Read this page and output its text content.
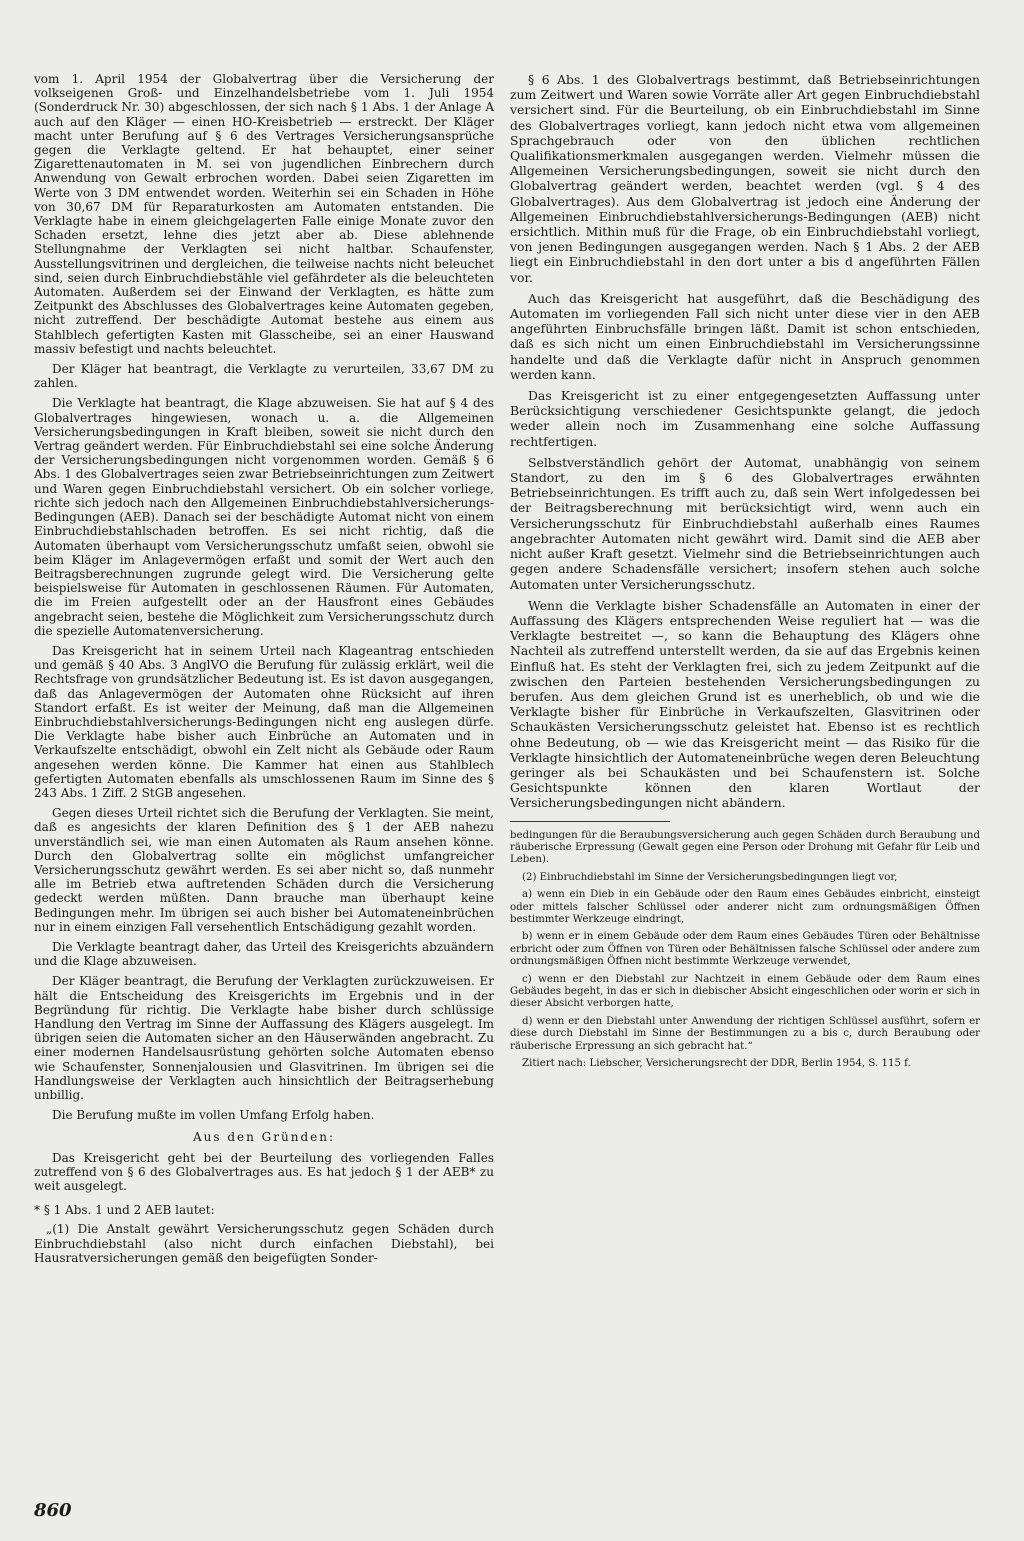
vom 1. April 1954 der Globalvertrag über die Versicherung der volkseigenen Groß- und Einzelhandelsbetriebe vom 1. Juli 1954 (Sonderdruck Nr. 30) abgeschlossen, der sich nach § 1 Abs. 1 der Anlage A auch auf den Kläger — einen HO-Kreisbetrieb — erstreckt. Der Kläger macht unter Berufung auf § 6 des Vertrages Versicherungsansprüche gegen die Verklagte geltend. Er hat behauptet, einer seiner Zigarettenautomaten in M. sei von jugendlichen Einbrechern durch Anwendung von Gewalt erbrochen worden. Dabei seien Zigaretten im Werte von 3 DM entwendet worden. Weiterhin sei ein Schaden in Höhe von 30,67 DM für Reparaturkosten am Automaten entstanden. Die Verklagte habe in einem gleichgelagerten Falle einige Monate zuvor den Schaden ersetzt, lehne dies jetzt aber ab. Diese ablehnende Stellungnahme der Verklagten sei nicht haltbar. Schaufenster, Ausstellungsvitrinen und dergleichen, die teilweise nachts nicht beleuchet sind, seien durch Einbruchdiebstähle viel gefährdeter als die beleuchteten Automaten. Außerdem sei der Einwand der Verklagten, es hätte zum Zeitpunkt des Abschlusses des Globalvertrages keine Automaten gegeben, nicht zutreffend. Der beschädigte Automat bestehe aus einem aus Stahlblech gefertigten Kasten mit Glasscheibe, sei an einer Hauswand massiv befestigt und nachts beleuchtet.

Der Kläger hat beantragt, die Verklagte zu verurteilen, 33,67 DM zu zahlen.

Die Verklagte hat beantragt, die Klage abzuweisen. Sie hat auf § 4 des Globalvertrages hingewiesen, wonach u. a. die Allgemeinen Versicherungsbedingungen in Kraft bleiben, soweit sie nicht durch den Vertrag geändert werden. Für Einbruchdiebstahl sei eine solche Änderung der Versicherungsbedingungen nicht vorgenommen worden. Gemäß § 6 Abs. 1 des Globalvertrages seien zwar Betriebseinrichtungen zum Zeitwert und Waren gegen Einbruchdiebstahl versichert. Ob ein solcher vorliege, richte sich jedoch nach den Allgemeinen Einbruchdiebstahlversicherungs-Bedingungen (AEB). Danach sei der beschädigte Automat nicht von einem Einbruchdiebstahlschaden betroffen. Es sei nicht richtig, daß die Automaten überhaupt vom Versicherungsschutz umfaßt seien, obwohl sie beim Kläger im Anlagevermögen erfaßt und somit der Wert auch den Beitragsberechnungen zugrunde gelegt wird. Die Versicherung gelte beispielsweise für Automaten in geschlossenen Räumen. Für Automaten, die im Freien aufgestellt oder an der Hausfront eines Gebäudes angebracht seien, bestehe die Möglichkeit zum Versicherungsschutz durch die spezielle Automatenversicherung.

Das Kreisgericht hat in seinem Urteil nach Klageantrag entschieden und gemäß § 40 Abs. 3 AnglVO die Berufung für zulässig erklärt, weil die Rechtsfrage von grundsätzlicher Bedeutung ist. Es ist davon ausgegangen, daß das Anlagevermögen der Automaten ohne Rücksicht auf ihren Standort erfaßt. Es ist weiter der Meinung, daß man die Allgemeinen Einbruchdiebstahlversicherungs-Bedingungen nicht eng auslegen dürfe. Die Verklagte habe bisher auch Einbrüche an Automaten und in Verkaufszelte entschädigt, obwohl ein Zelt nicht als Gebäude oder Raum angesehen werden könne. Die Kammer hat einen aus Stahlblech gefertigten Automaten ebenfalls als umschlossenen Raum im Sinne des § 243 Abs. 1 Ziff. 2 StGB angesehen.

Gegen dieses Urteil richtet sich die Berufung der Verklagten. Sie meint, daß es angesichts der klaren Definition des § 1 der AEB nahezu unverständlich sei, wie man einen Automaten als Raum ansehen könne. Durch den Globalvertrag sollte ein möglichst umfangreicher Versicherungsschutz gewährt werden. Es sei aber nicht so, daß nunmehr alle im Betrieb etwa auftretenden Schäden durch die Versicherung gedeckt werden müßten. Dann brauche man überhaupt keine Bedingungen mehr. Im übrigen sei auch bisher bei Automateneinbrüchen nur in einem einzigen Fall versehentlich Entschädigung gezahlt worden.

Die Verklagte beantragt daher, das Urteil des Kreisgerichts abzuändern und die Klage abzuweisen.

Der Kläger beantragt, die Berufung der Verklagten zurückzuweisen. Er hält die Entscheidung des Kreisgerichts im Ergebnis und in der Begründung für richtig. Die Verklagte habe bisher durch schlüssige Handlung den Vertrag im Sinne der Auffassung des Klägers ausgelegt. Im übrigen seien die Automaten sicher an den Häuserwänden angebracht. Zu einer modernen Handelsausrüstung gehörten solche Automaten ebenso wie Schaufenster, Sonnenjalousien und Glasvitrinen. Im übrigen sei die Handlungsweise der Verklagten auch hinsichtlich der Beitragserhebung unbillig.

Die Berufung mußte im vollen Umfang Erfolg haben.

Aus den Gründen:

Das Kreisgericht geht bei der Beurteilung des vorliegenden Falles zutreffend von § 6 des Globalvertrages aus. Es hat jedoch § 1 der AEB* zu weit ausgelegt.

* § 1 Abs. 1 und 2 AEB lautet:

„(1) Die Anstalt gewährt Versicherungsschutz gegen Schäden durch Einbruchdiebstahl (also nicht durch einfachen Diebstahl), bei Hausratversicherungen gemäß den beigefügten Sonder-

§ 6 Abs. 1 des Globalvertrags bestimmt, daß Betriebseinrichtungen zum Zeitwert und Waren sowie Vorräte aller Art gegen Einbruchdiebstahl versichert sind. Für die Beurteilung, ob ein Einbruchdiebstahl im Sinne des Globalvertrages vorliegt, kann jedoch nicht etwa vom allgemeinen Sprachgebrauch oder von den üblichen rechtlichen Qualifikationsmerkmalen ausgegangen werden. Vielmehr müssen die Allgemeinen Versicherungsbedingungen, soweit sie nicht durch den Globalvertrag geändert werden, beachtet werden (vgl. § 4 des Globalvertrages). Aus dem Globalvertrag ist jedoch eine Änderung der Allgemeinen Einbruchdiebstahlversicherungs-Bedingungen (AEB) nicht ersichtlich. Mithin muß für die Frage, ob ein Einbruchdiebstahl vorliegt, von jenen Bedingungen ausgegangen werden. Nach § 1 Abs. 2 der AEB liegt ein Einbruchdiebstahl in den dort unter a bis d angeführten Fällen vor.

Auch das Kreisgericht hat ausgeführt, daß die Beschädigung des Automaten im vorliegenden Fall sich nicht unter diese vier in den AEB angeführten Einbruchsfälle bringen läßt. Damit ist schon entschieden, daß es sich nicht um einen Einbruchdiebstahl im Versicherungssinne handelte und daß die Verklagte dafür nicht in Anspruch genommen werden kann.

Das Kreisgericht ist zu einer entgegengesetzten Auffassung unter Berücksichtigung verschiedener Gesichtspunkte gelangt, die jedoch weder allein noch im Zusammenhang eine solche Auffassung rechtfertigen.

Selbstverständlich gehört der Automat, unabhängig von seinem Standort, zu den im § 6 des Globalvertrages erwähnten Betriebseinrichtungen. Es trifft auch zu, daß sein Wert infolgedessen bei der Beitragsberechnung mit berücksichtigt wird, wenn auch ein Versicherungsschutz für Einbruchdiebstahl außerhalb eines Raumes angebrachter Automaten nicht gewährt wird. Damit sind die AEB aber nicht außer Kraft gesetzt. Vielmehr sind die Betriebseinrichtungen auch gegen andere Schadensfälle versichert; insofern stehen auch solche Automaten unter Versicherungsschutz.

Wenn die Verklagte bisher Schadensfälle an Automaten in einer der Auffassung des Klägers entsprechenden Weise reguliert hat — was die Verklagte bestreitet —, so kann die Behauptung des Klägers ohne Nachteil als zutreffend unterstellt werden, da sie auf das Ergebnis keinen Einfluß hat. Es steht der Verklagten frei, sich zu jedem Zeitpunkt auf die zwischen den Parteien bestehenden Versicherungsbedingungen zu berufen. Aus dem gleichen Grund ist es unerheblich, ob und wie die Verklagte bisher für Einbrüche in Verkaufszelten, Glasvitrinen oder Schaukästen Versicherungsschutz geleistet hat. Ebenso ist es rechtlich ohne Bedeutung, ob — wie das Kreisgericht meint — das Risiko für die Verklagte hinsichtlich der Automateneinbrüche wegen deren Beleuchtung geringer als bei Schaukästen und bei Schaufenstern ist. Solche Gesichtspunkte können den klaren Wortlaut der Versicherungsbedingungen nicht abändern.

bedingungen für die Beraubungsversicherung auch gegen Schäden durch Beraubung und räuberische Erpressung (Gewalt gegen eine Person oder Drohung mit Gefahr für Leib und Leben).

(2) Einbruchdiebstahl im Sinne der Versicherungsbedingungen liegt vor,

a) wenn ein Dieb in ein Gebäude oder den Raum eines Gebäudes einbricht, einsteigt oder mittels falscher Schlüssel oder anderer nicht zum ordnungsmäßigen Öffnen bestimmter Werkzeuge eindringt,

b) wenn er in einem Gebäude oder dem Raum eines Gebäudes Türen oder Behältnisse erbricht oder zum Öffnen von Türen oder Behältnissen falsche Schlüssel oder andere zum ordnungsmäßigen Öffnen nicht bestimmte Werkzeuge verwendet,

c) wenn er den Diebstahl zur Nachtzeit in einem Gebäude oder dem Raum eines Gebäudes begeht, in das er sich in diebischer Absicht eingeschlichen oder worin er sich in dieser Absicht verborgen hatte,

d) wenn er den Diebstahl unter Anwendung der richtigen Schlüssel ausführt, sofern er diese durch Diebstahl im Sinne der Bestimmungen zu a bis c, durch Beraubung oder räuberische Erpressung an sich gebracht hat.“

Zitiert nach: Liebscher, Versicherungsrecht der DDR, Berlin 1954, S. 115 f.

860
